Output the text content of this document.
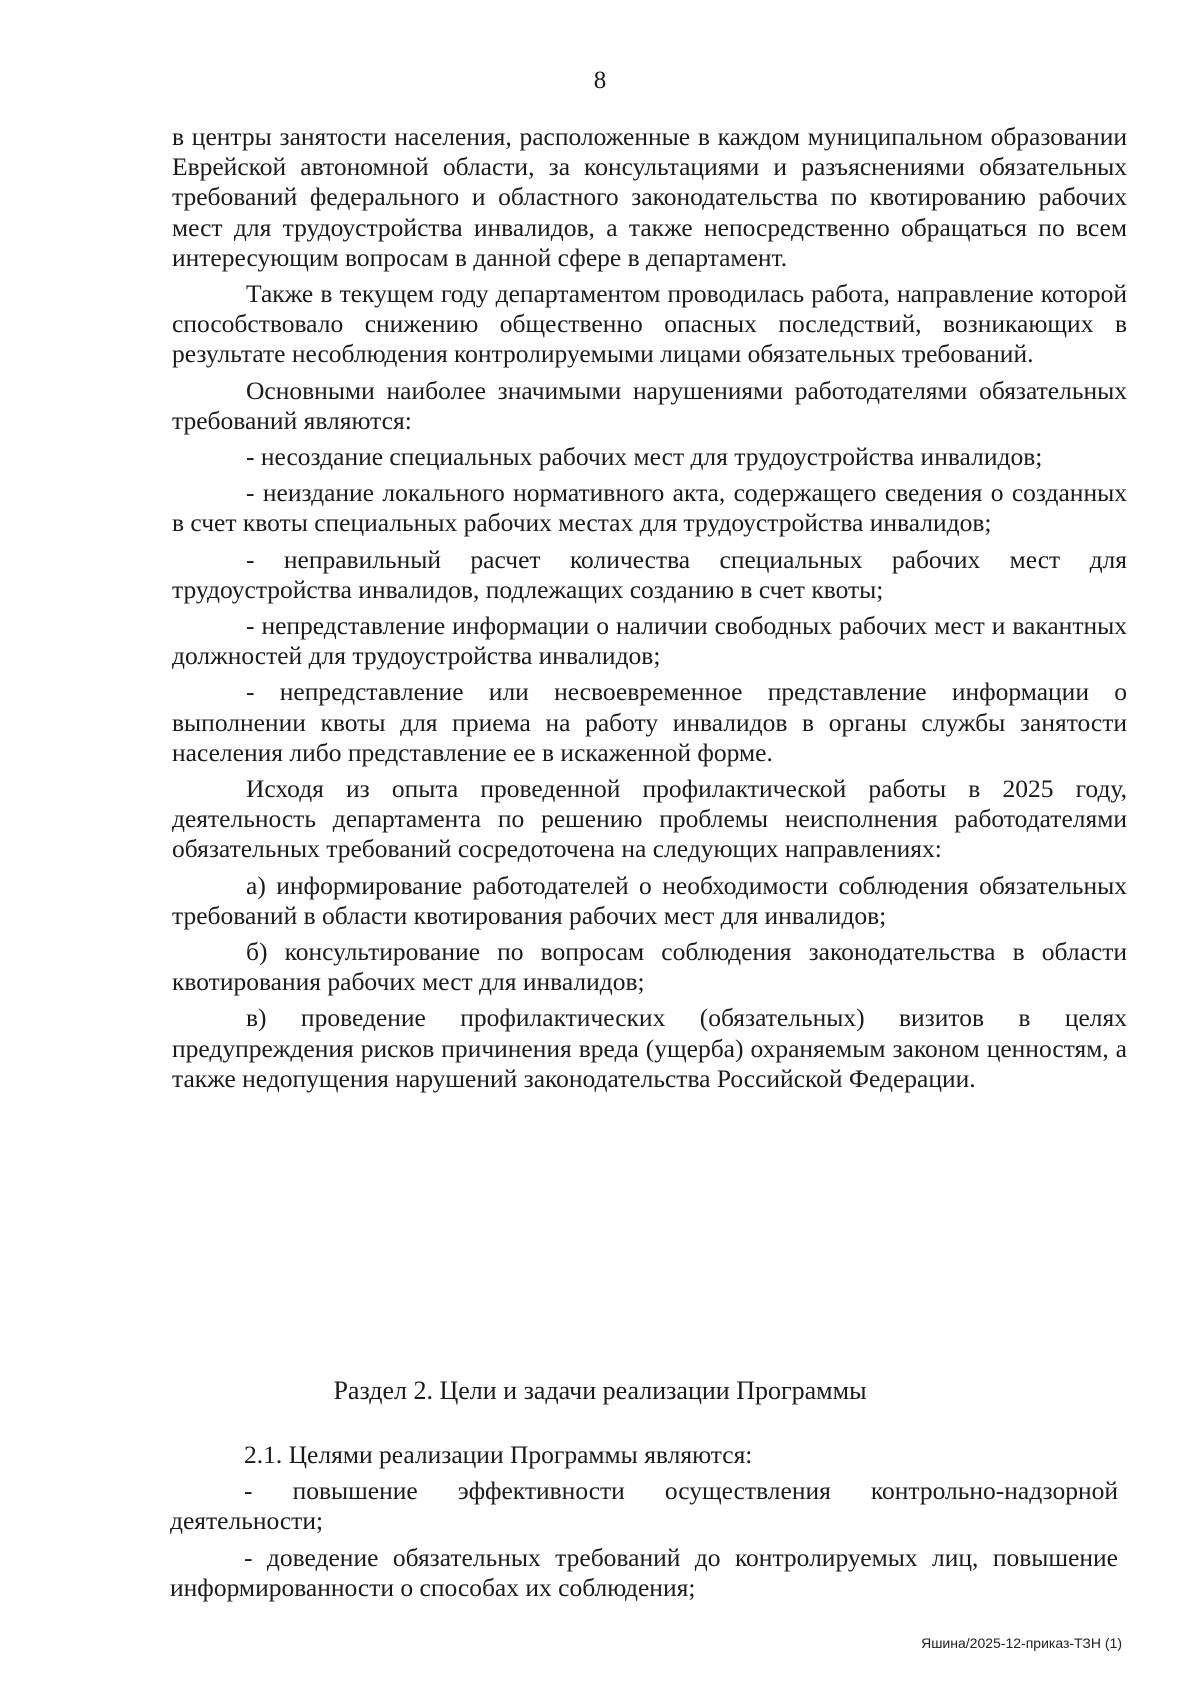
8

в центры занятости населения, расположенные в каждом муниципальном образовании Еврейской автономной области, за консультациями и разъяснениями обязательных требований федерального и областного законодательства по квотированию рабочих мест для трудоустройства инвалидов, а также непосредственно обращаться по всем интересующим вопросам в данной сфере в департамент.

Также в текущем году департаментом проводилась работа, направление которой способствовало снижению общественно опасных последствий, возникающих в результате несоблюдения контролируемыми лицами обязательных требований.

Основными наиболее значимыми нарушениями работодателями обязательных требований являются:

- несоздание специальных рабочих мест для трудоустройства инвалидов;

- неиздание локального нормативного акта, содержащего сведения о созданных в счет квоты специальных рабочих местах для трудоустройства инвалидов;

- неправильный расчет количества специальных рабочих мест для трудоустройства инвалидов, подлежащих созданию в счет квоты;

- непредставление информации о наличии свободных рабочих мест и вакантных должностей для трудоустройства инвалидов;

- непредставление или несвоевременное представление информации о выполнении квоты для приема на работу инвалидов в органы службы занятости населения либо представление ее в искаженной форме.

Исходя из опыта проведенной профилактической работы в 2025 году, деятельность департамента по решению проблемы неисполнения работодателями обязательных требований сосредоточена на следующих направлениях:

а) информирование работодателей о необходимости соблюдения обязательных требований в области квотирования рабочих мест для инвалидов;

б) консультирование по вопросам соблюдения законодательства в области квотирования рабочих мест для инвалидов;

в) проведение профилактических (обязательных) визитов в целях предупреждения рисков причинения вреда (ущерба) охраняемым законом ценностям, а также недопущения нарушений законодательства Российской Федерации.

Раздел 2. Цели и задачи реализации Программы

2.1. Целями реализации Программы являются:

- повышение эффективности осуществления контрольно-надзорной деятельности;

- доведение обязательных требований до контролируемых лиц, повышение информированности о способах их соблюдения;

Яшина/2025-12-приказ-ТЗН (1)
